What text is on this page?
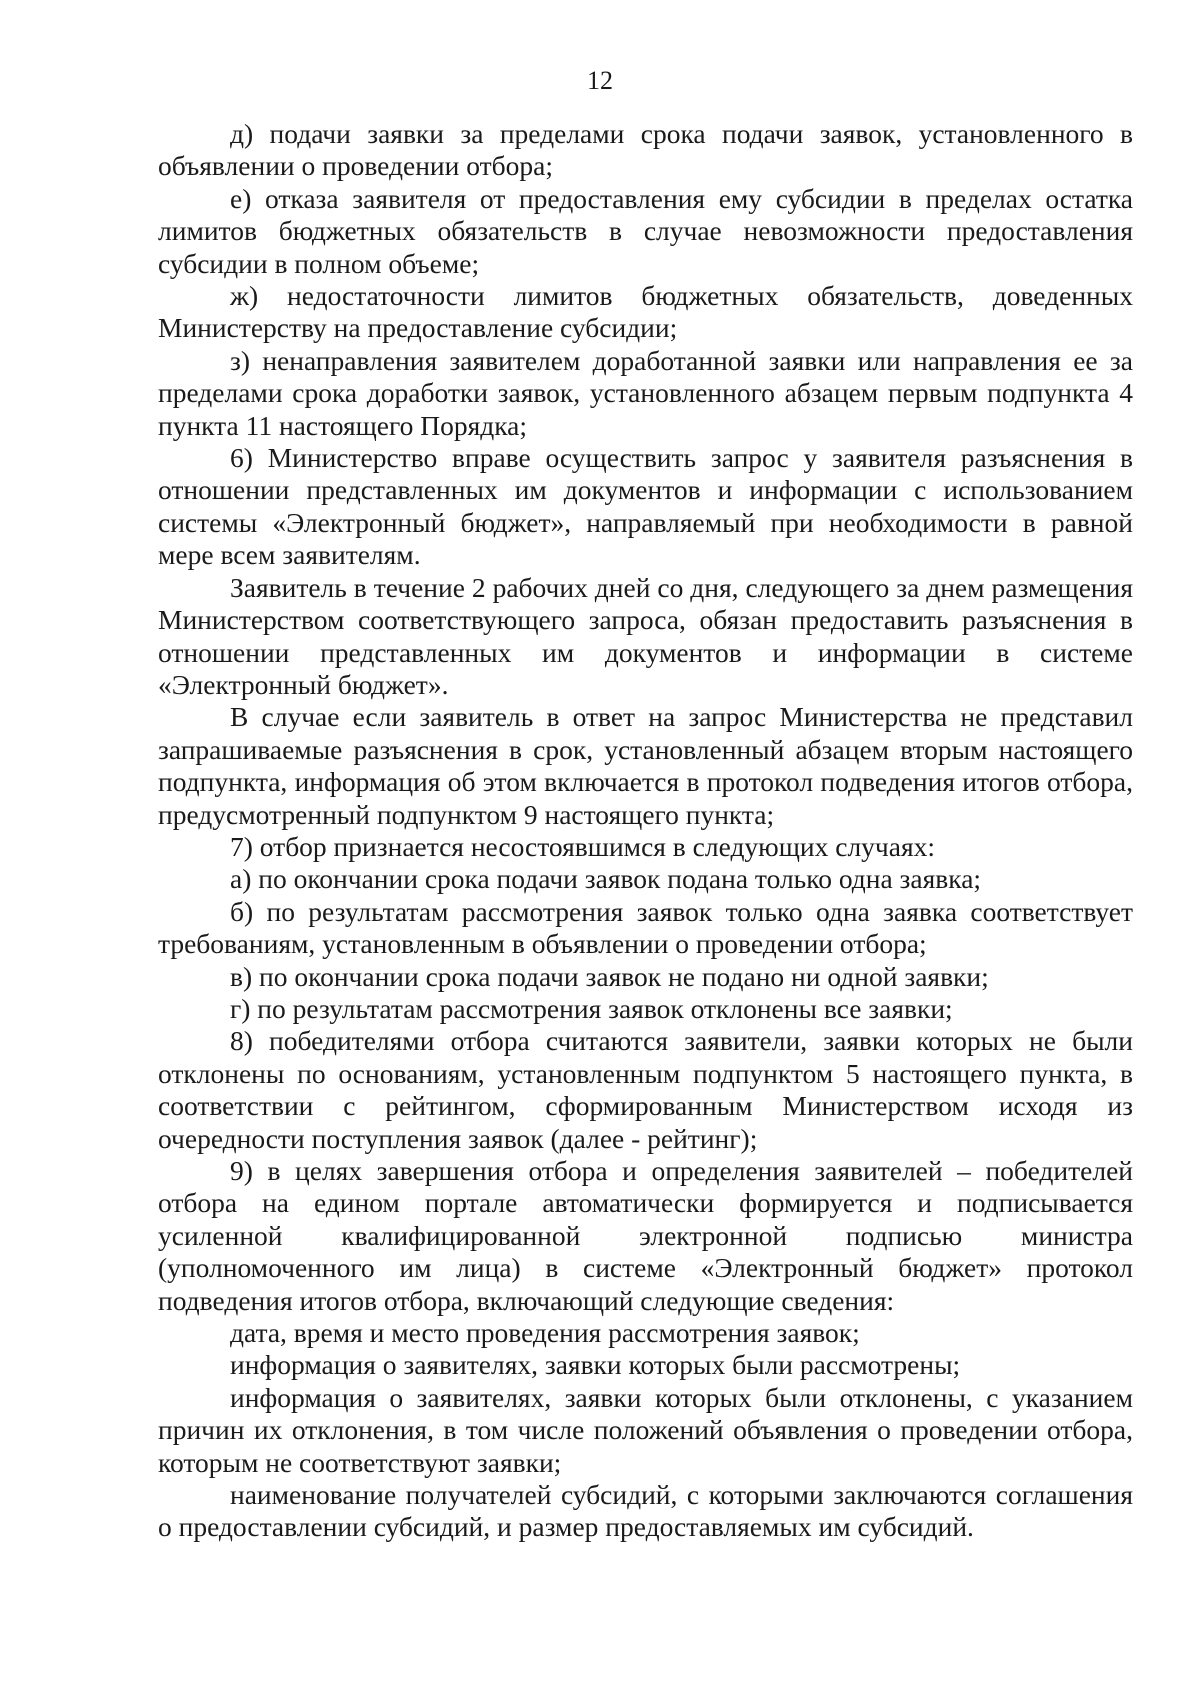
12

д) подачи заявки за пределами срока подачи заявок, установленного в объявлении о проведении отбора;

е) отказа заявителя от предоставления ему субсидии в пределах остатка лимитов бюджетных обязательств в случае невозможности предоставления субсидии в полном объеме;

ж) недостаточности лимитов бюджетных обязательств, доведенных Министерству на предоставление субсидии;

з) ненаправления заявителем доработанной заявки или направления ее за пределами срока доработки заявок, установленного абзацем первым подпункта 4 пункта 11 настоящего Порядка;

6) Министерство вправе осуществить запрос у заявителя разъяснения в отношении представленных им документов и информации с использованием системы «Электронный бюджет», направляемый при необходимости в равной мере всем заявителям.

Заявитель в течение 2 рабочих дней со дня, следующего за днем размещения Министерством соответствующего запроса, обязан предоставить разъяснения в отношении представленных им документов и информации в системе «Электронный бюджет».

В случае если заявитель в ответ на запрос Министерства не представил запрашиваемые разъяснения в срок, установленный абзацем вторым настоящего подпункта, информация об этом включается в протокол подведения итогов отбора, предусмотренный подпунктом 9 настоящего пункта;

7) отбор признается несостоявшимся в следующих случаях:

а) по окончании срока подачи заявок подана только одна заявка;

б) по результатам рассмотрения заявок только одна заявка соответствует требованиям, установленным в объявлении о проведении отбора;

в) по окончании срока подачи заявок не подано ни одной заявки;

г) по результатам рассмотрения заявок отклонены все заявки;

8) победителями отбора считаются заявители, заявки которых не были отклонены по основаниям, установленным подпунктом 5 настоящего пункта, в соответствии с рейтингом, сформированным Министерством исходя из очередности поступления заявок (далее - рейтинг);

9) в целях завершения отбора и определения заявителей – победителей отбора на едином портале автоматически формируется и подписывается усиленной квалифицированной электронной подписью министра (уполномоченного им лица) в системе «Электронный бюджет» протокол подведения итогов отбора, включающий следующие сведения:

дата, время и место проведения рассмотрения заявок;

информация о заявителях, заявки которых были рассмотрены;

информация о заявителях, заявки которых были отклонены, с указанием причин их отклонения, в том числе положений объявления о проведении отбора, которым не соответствуют заявки;

наименование получателей субсидий, с которыми заключаются соглашения о предоставлении субсидий, и размер предоставляемых им субсидий.
